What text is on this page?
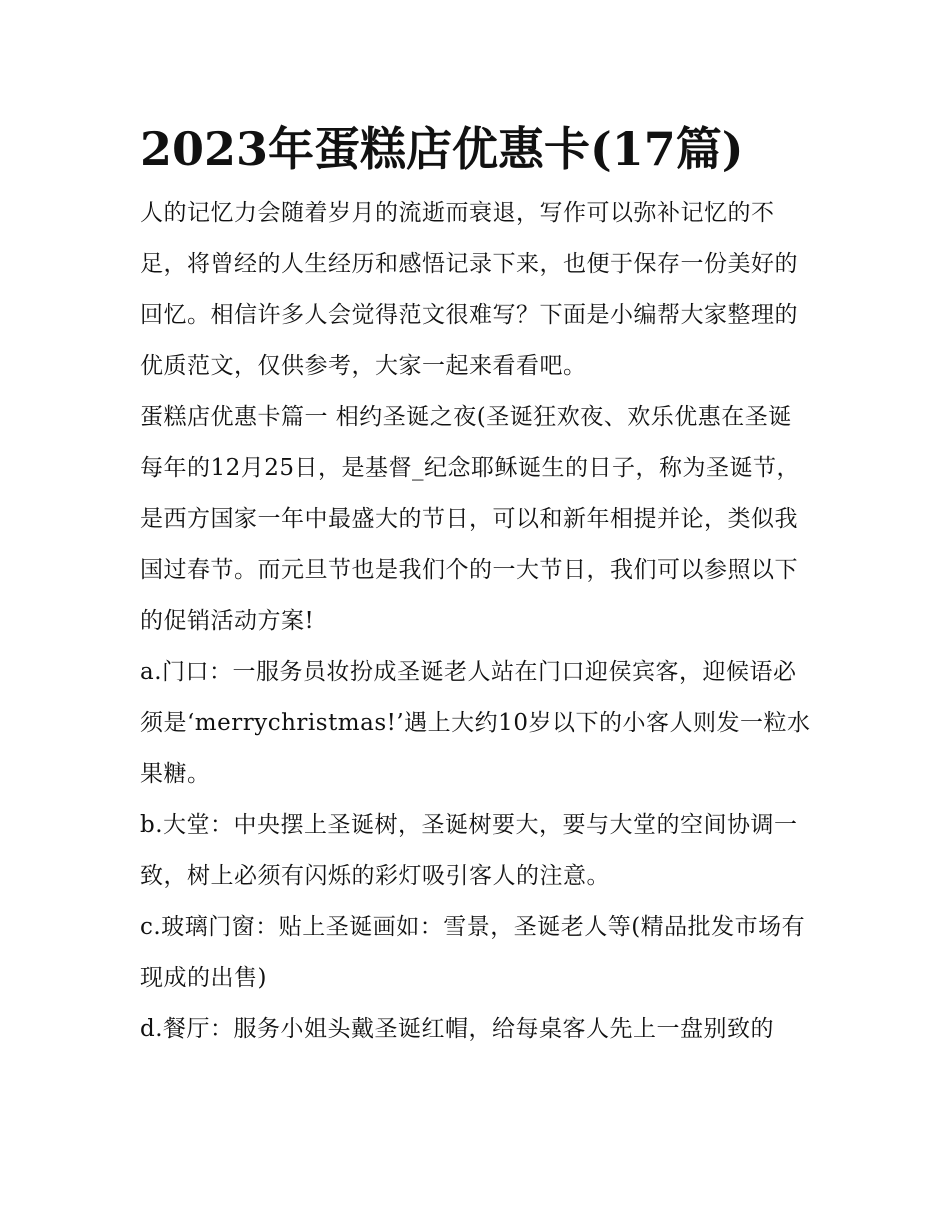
2023年蛋糕店优惠卡(17篇)

人的记忆力会随着岁月的流逝而衰退，写作可以弥补记忆的不足，将曾经的人生经历和感悟记录下来，也便于保存一份美好的回忆。相信许多人会觉得范文很难写？下面是小编帮大家整理的优质范文，仅供参考，大家一起来看看吧。

蛋糕店优惠卡篇一 相约圣诞之夜(圣诞狂欢夜、欢乐优惠在圣诞

每年的12月25日，是基督_纪念耶稣诞生的日子，称为圣诞节，是西方国家一年中最盛大的节日，可以和新年相提并论，类似我国过春节。而元旦节也是我们个的一大节日，我们可以参照以下的促销活动方案!

a.门口：一服务员妆扮成圣诞老人站在门口迎侯宾客，迎候语必须是‘merrychristmas!’遇上大约10岁以下的小客人则发一粒水果糖。

b.大堂：中央摆上圣诞树，圣诞树要大，要与大堂的空间协调一致，树上必须有闪烁的彩灯吸引客人的注意。

c.玻璃门窗：贴上圣诞画如：雪景，圣诞老人等(精品批发市场有现成的出售)

d.餐厅：服务小姐头戴圣诞红帽，给每桌客人先上一盘别致的
